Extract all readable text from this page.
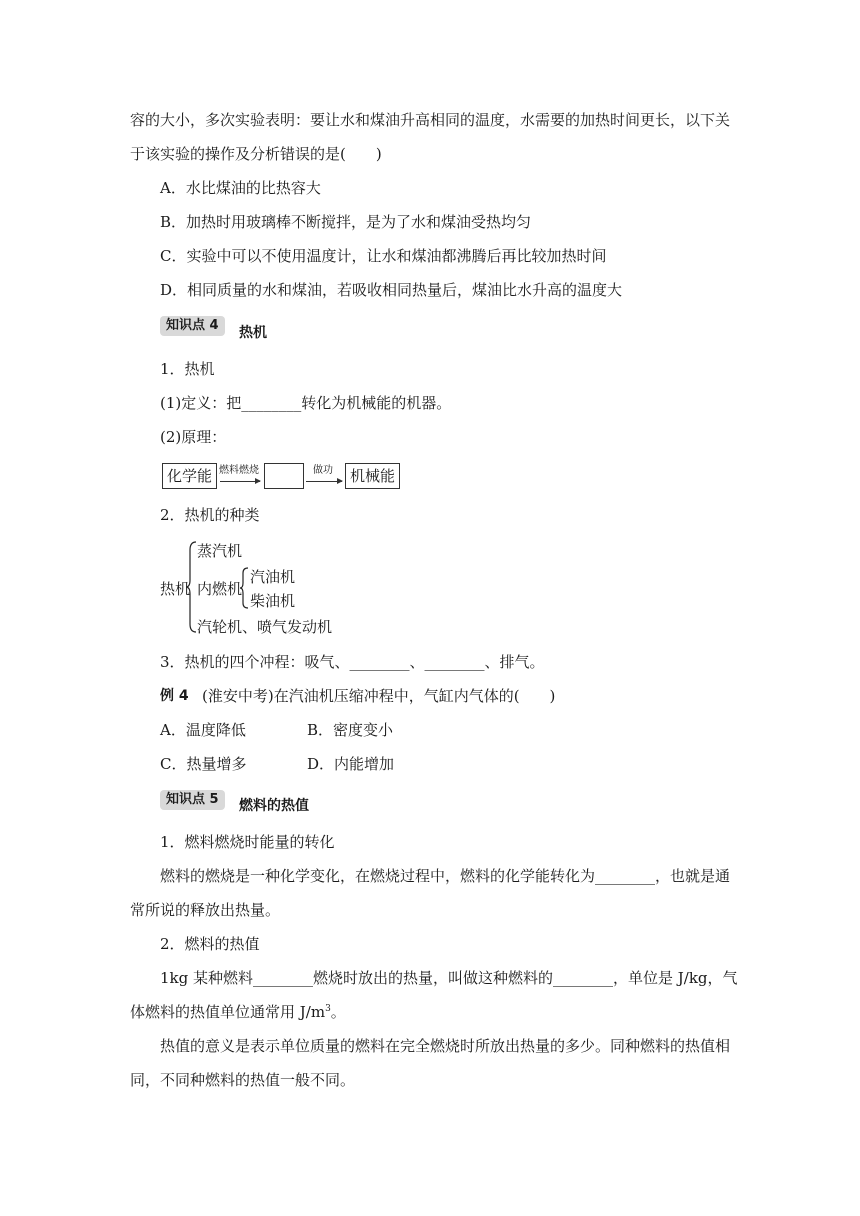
容的大小，多次实验表明：要让水和煤油升高相同的温度，水需要的加热时间更长，以下关
于该实验的操作及分析错误的是(　　)
A．水比煤油的比热容大
B．加热时用玻璃棒不断搅拌，是为了水和煤油受热均匀
C．实验中可以不使用温度计，让水和煤油都沸腾后再比较加热时间
D．相同质量的水和煤油，若吸收相同热量后，煤油比水升高的温度大
知识点 4	热机
1．热机
(1)定义：把________转化为机械能的机器。
(2)原理：
化学能 燃料燃烧	做功	机械能
2．热机的种类
热机
蒸汽机
内燃机
汽油机
柴油机
汽轮机、喷气发动机
3．热机的四个冲程：吸气、________、________、排气。
例 4 (淮安中考)在汽油机压缩冲程中，气缸内气体的(　　)
A．温度降低	B．密度变小
C．热量增多	D．内能增加
知识点 5	燃料的热值
1．燃料燃烧时能量的转化
燃料的燃烧是一种化学变化，在燃烧过程中，燃料的化学能转化为________，也就是通
常所说的释放出热量。
2．燃料的热值
1kg 某种燃料________燃烧时放出的热量，叫做这种燃料的________，单位是 J/kg，气
体燃料的热值单位通常用 $J/m^3$。
热值的意义是表示单位质量的燃料在完全燃烧时所放出热量的多少。同种燃料的热值相
同，不同种燃料的热值一般不同。
